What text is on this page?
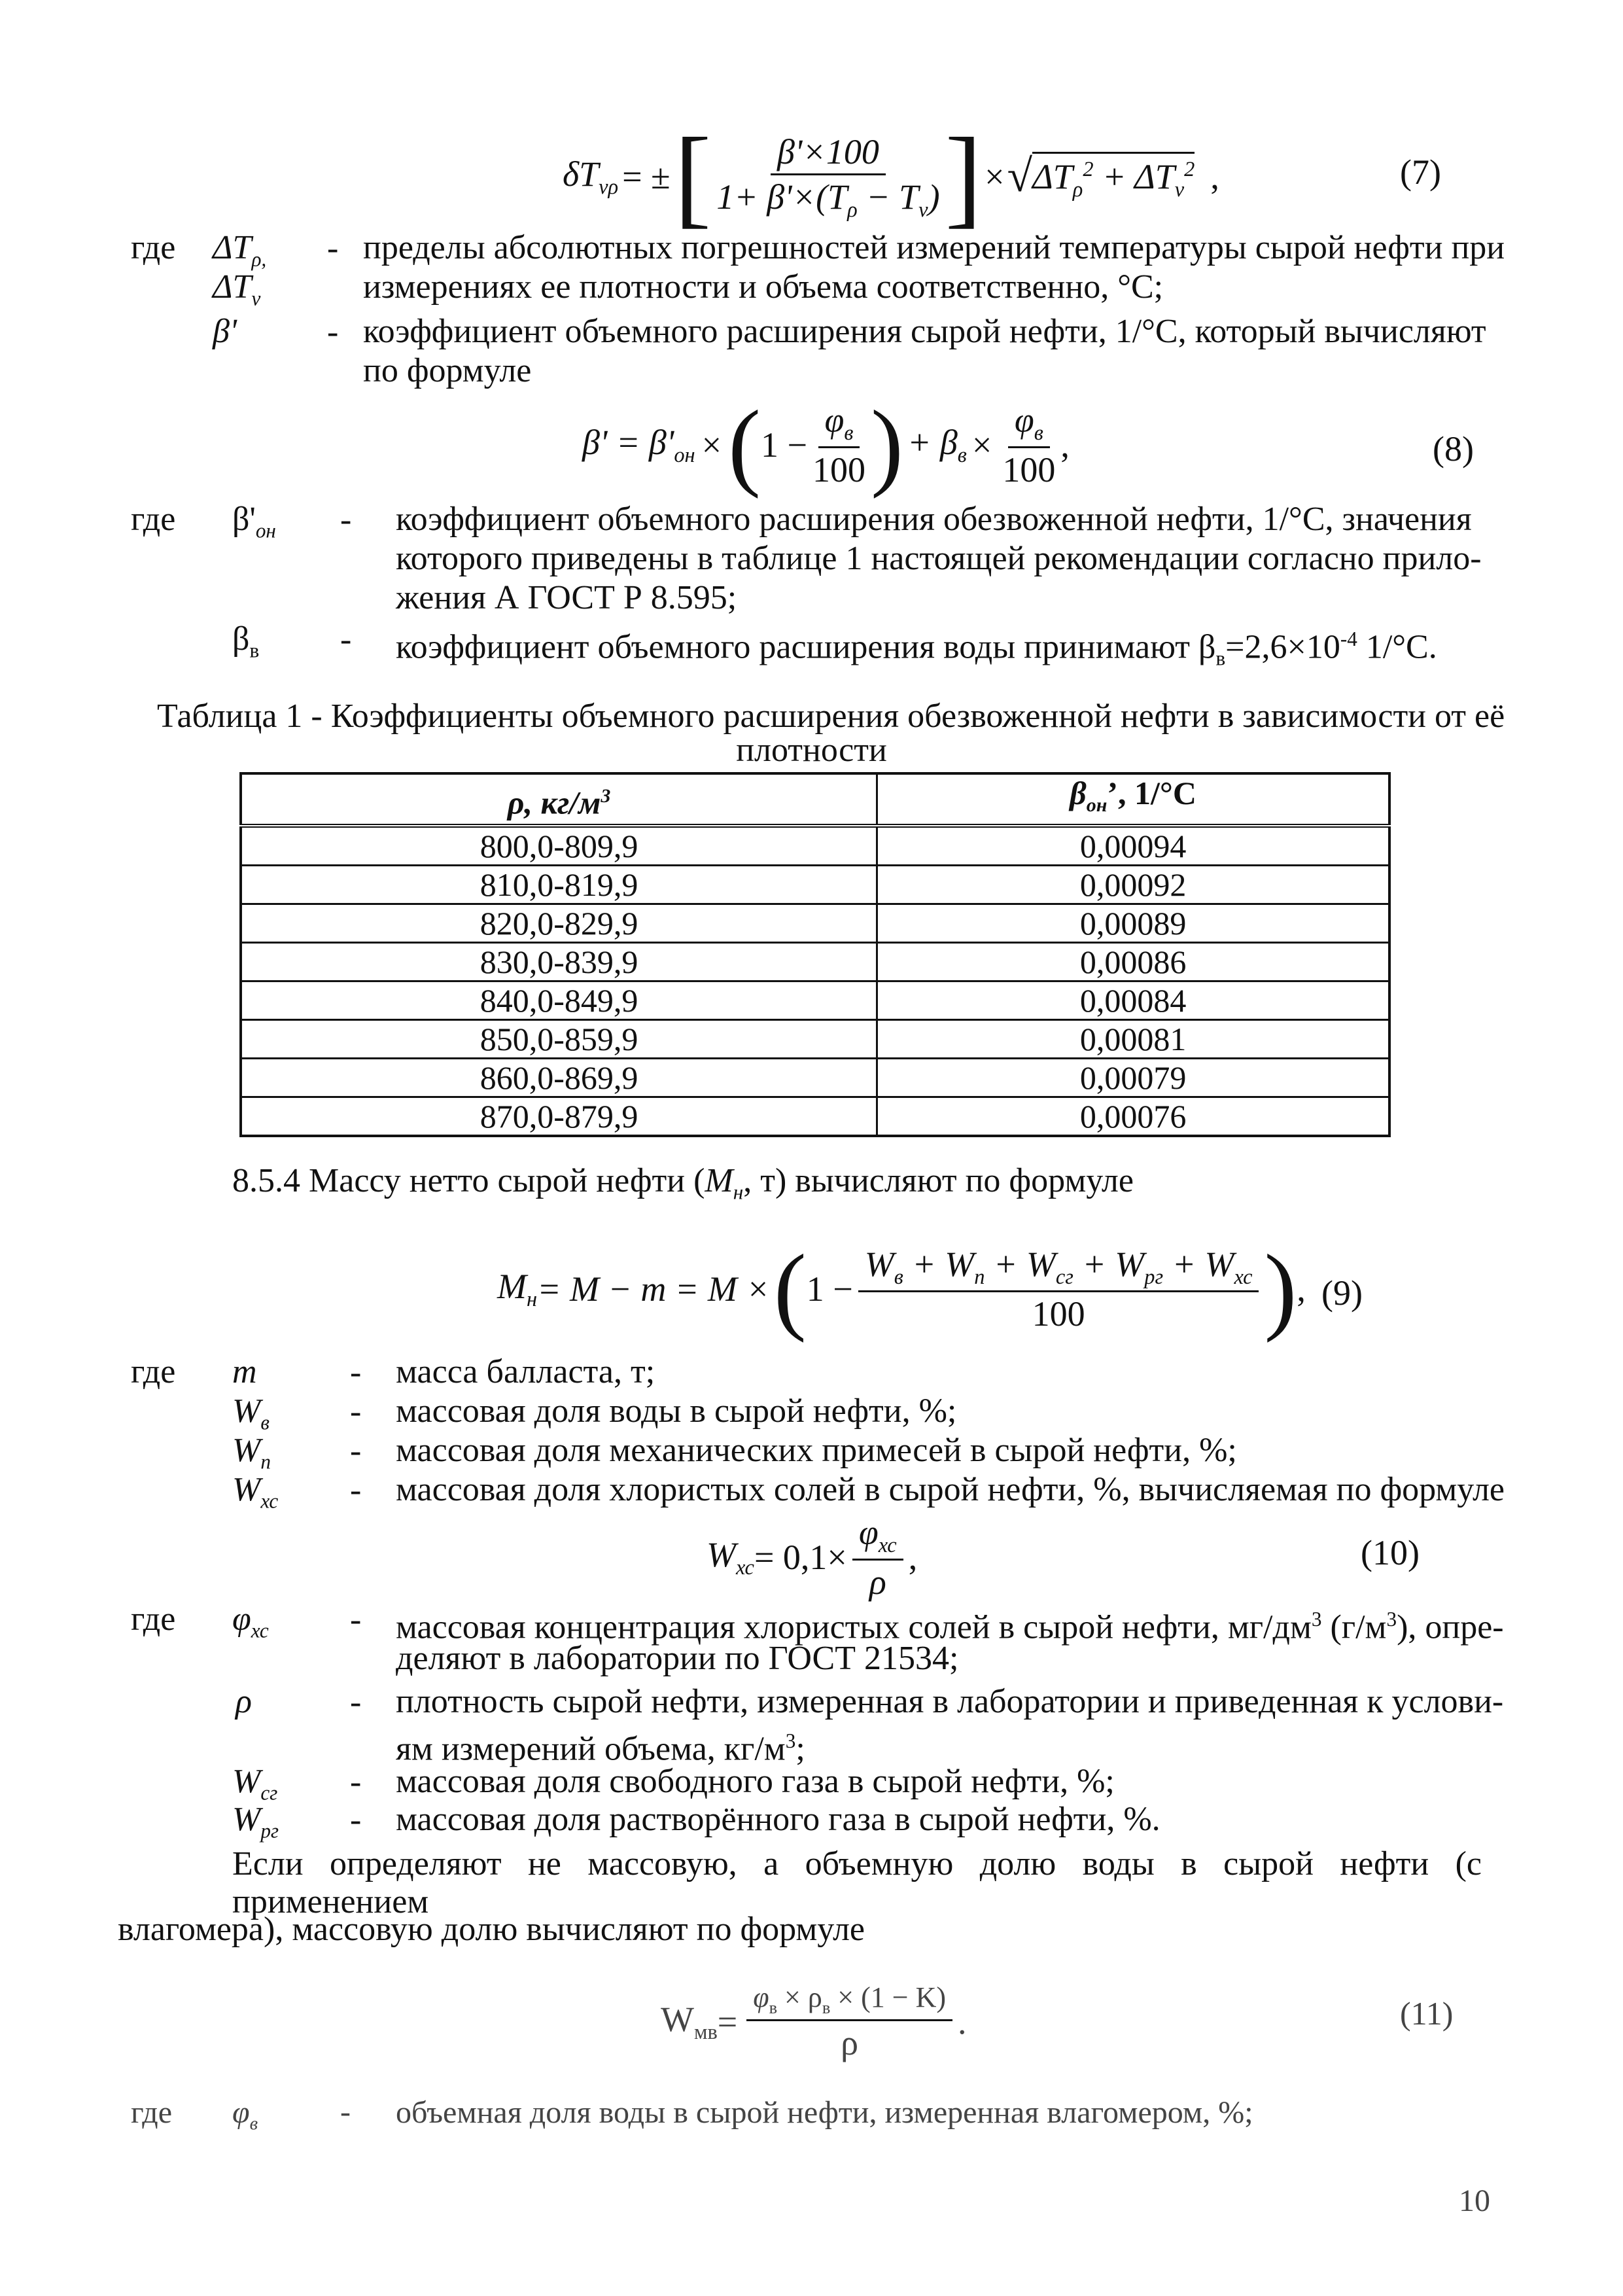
$\delta T_{v\rho}$ = ± [ $\frac{\beta'\times 100}{1+ \beta'\times(T_\rho - T_v)}$ ] × √ $\Delta T_\rho^2 + \Delta T_v^2$ ,	(7)
где $\Delta T_{\rho,}$ - пределы абсолютных погрешностей измерений температуры сырой нефти при
$\Delta T_v$	измерениях ее плотности и объема соответственно, °C;
β'	- коэффициент объемного расширения сырой нефти, 1/°C, который вычисляют
по формуле
$\beta' = \beta'_{он}$ × ( $1 - \frac{\varphi_в}{100}$ ) + $\beta_в \times \frac{\varphi_в}{100}$ ,	(8)
где $\beta'_{он}$ - коэффициент объемного расширения обезвоженной нефти, 1/°C, значения
которого приведены в таблице 1 настоящей рекомендации согласно прило-
жения А ГОСТ Р 8.595;
$\beta_в$ - коэффициент объемного расширения воды принимают $\beta_в=2,6\times 10^{-4}$ 1/°C.
Таблица 1 - Коэффициенты объемного расширения обезвоженной нефти в зависимости от её
плотности
ρ, $кг/м^3$	$\beta_{он}$’, 1/°C
800,0-809,9	0,00094
810,0-819,9	0,00092
820,0-829,9	0,00089
830,0-839,9	0,00086
840,0-849,9	0,00084
850,0-859,9	0,00081
860,0-869,9	0,00079
870,0-879,9	0,00076
8.5.4 Массу нетто сырой нефти ($M_н$, т) вычисляют по формуле
$M_н = M - m = M$ × ( $1 - \frac{W_в + W_п + W_{сг} + W_{рг} + W_{хс}}{100}$ ) , (9)
где m	- масса балласта, т;
$W_в$ - массовая доля воды в сырой нефти, %;
$W_п$ - массовая доля механических примесей в сырой нефти, %;
$W_{хс}$ - массовая доля хлористых солей в сырой нефти, %, вычисляемая по формуле
$W_{хс} = 0,1\times \frac{\varphi_{хс}}{\rho}$ ,	(10)
где $\varphi_{хс}$ - массовая концентрация хлористых солей в сырой нефти, $мг/дм^3$ $(г/м^3)$, опре-
деляют в лаборатории по ГОСТ 21534;
ρ	- плотность сырой нефти, измеренная в лаборатории и приведенная к услови-
ям измерений объема, $кг/м^3$;
$W_{сг}$ - массовая доля свободного газа в сырой нефти, %;
$W_{рг}$ - массовая доля растворённого газа в сырой нефти, %.
Если определяют не массовую, а объемную долю воды в сырой нефти (с применением
влагомера), массовую долю вычисляют по формуле
$W_{мв} = \frac{\varphi_в \times \rho_в \times (1 - K)}{\rho}$ .	(11)
где $\varphi_в$	- объемная доля воды в сырой нефти, измеренная влагомером, %;
10
